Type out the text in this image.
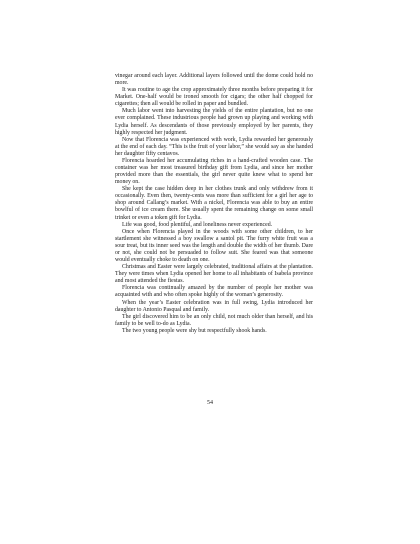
vinegar around each layer. Additional layers followed until the dome could hold no more.

It was routine to age the crop approximately three months before preparing it for Market. One-half would be ironed smooth for cigars; the other half chopped for cigarettes; then all would be rolled in paper and bundled.

Much labor went into harvesting the yields of the entire plantation, but no one ever complained. These industrious people had grown up playing and working with Lydia herself. As descendants of those previously employed by her parents, they highly respected her judgment.

Now that Florencia was experienced with work, Lydia rewarded her generously at the end of each day. “This is the fruit of your labor,” she would say as she handed her daughter fifty centavos.

Florencia hoarded her accumulating riches in a hand-crafted wooden case. The container was her most treasured birthday gift from Lydia, and since her mother provided more than the essentials, the girl never quite knew what to spend her money on.

She kept the case hidden deep in her clothes trunk and only withdrew from it occasionally. Even then, twenty-cents was more than sufficient for a girl her age to shop around Callang’s market. With a nickel, Florencia was able to buy an entire bowlful of ice cream there. She usually spent the remaining change on some small trinket or even a token gift for Lydia.

Life was good, food plentiful, and loneliness never experienced.

Once when Florencia played in the woods with some other children, to her startlement she witnessed a boy swallow a santol pit. The furry white fruit was a sour treat, but its inner seed was the length and double the width of her thumb. Dare or not, she could not be persuaded to follow suit. She feared was that someone would eventually choke to death on one.

Christmas and Easter were largely celebrated, traditional affairs at the plantation. They were times when Lydia opened her home to all inhabitants of Isabela province and most attended the fiestas.

Florencia was continually amazed by the number of people her mother was acquainted with and who often spoke highly of the woman’s generosity.

When the year’s Easter celebration was in full swing, Lydia introduced her daughter to Antonio Pasqual and family.

The girl discovered him to be an only child, not much older than herself, and his family to be well to-do as Lydia.

The two young people were shy but respectfully shook hands.

54
